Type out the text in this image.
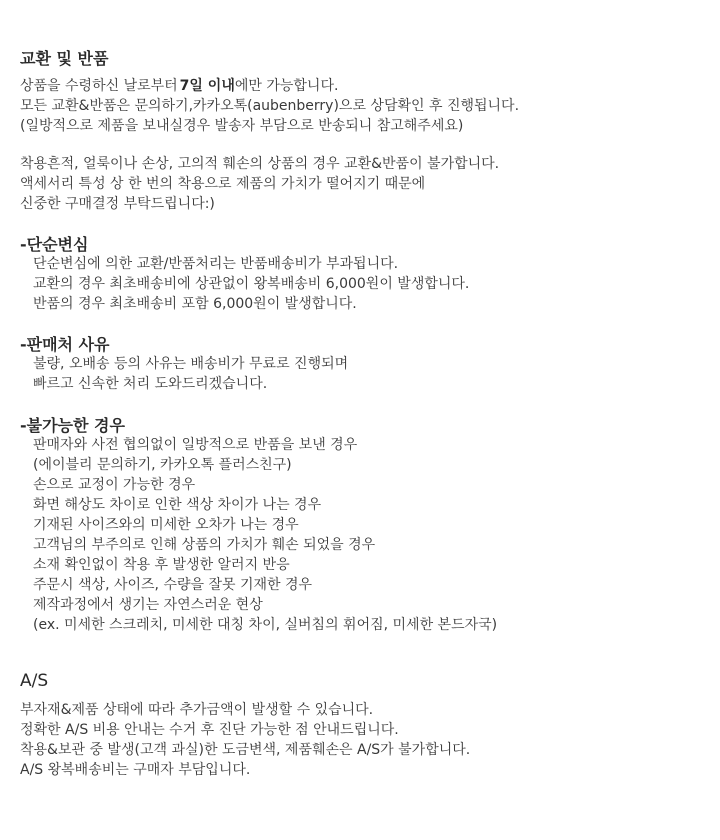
교환 및 반품
상품을 수령하신 날로부터 7일 이내에만 가능합니다.
모든 교환&반품은 문의하기,카카오톡(aubenberry)으로 상담확인 후 진행됩니다.
(일방적으로 제품을 보내실경우 발송자 부담으로 반송되니 참고해주세요)
착용흔적, 얼룩이나 손상, 고의적 훼손의 상품의 경우 교환&반품이 불가합니다.
액세서리 특성 상 한 번의 착용으로 제품의 가치가 떨어지기 때문에
신중한 구매결정 부탁드립니다:)
-단순변심
단순변심에 의한 교환/반품처리는 반품배송비가 부과됩니다.
교환의 경우 최초배송비에 상관없이 왕복배송비 6,000원이 발생합니다.
반품의 경우 최초배송비 포함 6,000원이 발생합니다.
-판매처 사유
불량, 오배송 등의 사유는 배송비가 무료로 진행되며
빠르고 신속한 처리 도와드리겠습니다.
-불가능한 경우
판매자와 사전 협의없이 일방적으로 반품을 보낸 경우
(에이블리 문의하기, 카카오톡 플러스친구)
손으로 교정이 가능한 경우
화면 해상도 차이로 인한 색상 차이가 나는 경우
기재된 사이즈와의 미세한 오차가 나는 경우
고객님의 부주의로 인해 상품의 가치가 훼손 되었을 경우
소재 확인없이 착용 후 발생한 알러지 반응
주문시 색상, 사이즈, 수량을 잘못 기재한 경우
제작과정에서 생기는 자연스러운 현상
(ex. 미세한 스크레치, 미세한 대칭 차이, 실버침의 휘어짐, 미세한 본드자국)
A/S
부자재&제품 상태에 따라 추가금액이 발생할 수 있습니다.
정확한 A/S 비용 안내는 수거 후 진단 가능한 점 안내드립니다.
착용&보관 중 발생(고객 과실)한 도금변색, 제품훼손은 A/S가 불가합니다.
A/S 왕복배송비는 구매자 부담입니다.
